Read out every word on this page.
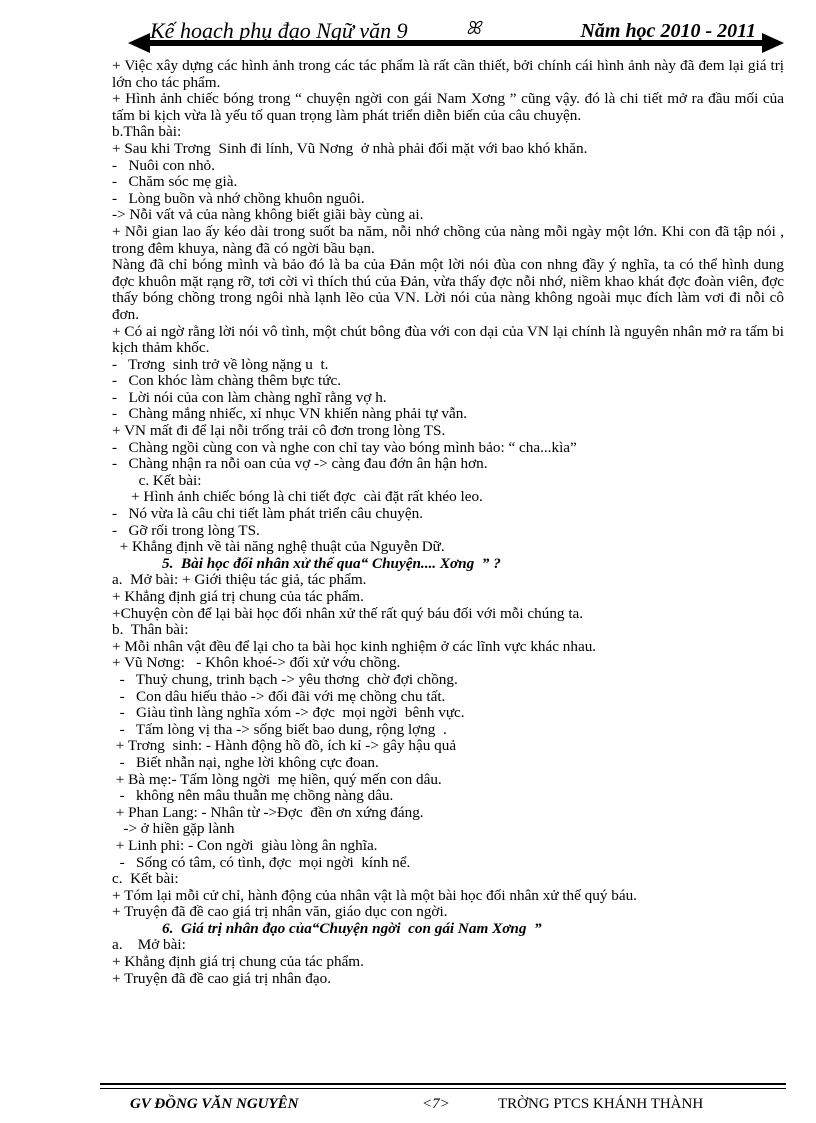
Kế hoạch phụ đạo Ngữ văn 9	ꕤ	Năm học 2010 - 2011
+ Việc xây dựng các hình ảnh trong các tác phẩm là rất cần thiết, bởi chính cái hình ảnh này đã đem lại giá trị lớn cho tác phẩm.
+ Hình ảnh chiếc bóng trong “ chuyện ngời con gái Nam Xơng ” cũng vậy. đó là chi tiết mở ra đầu mối của tấm bi kịch vừa là yếu tố quan trọng làm phát triển diễn biến của câu chuyện.
b.Thân bài:
+ Sau khi Trơng  Sinh đi lính, Vũ Nơng  ở nhà phải đối mặt với bao khó khăn.
-   Nuôi con nhỏ.
-   Chăm sóc mẹ già.
-   Lòng buồn và nhớ chồng khuôn nguôi.
-> Nỗi vất vả của nàng không biết giãi bày cùng ai.
+ Nỗi gian lao ấy kéo dài trong suốt ba năm, nỗi nhớ chồng của nàng mỗi ngày một lớn. Khi con đã tập nói , trong đêm khuya, nàng đã có ngời bầu bạn.
Nàng đã chỉ bóng mình và bảo đó là ba của Đản một lời nói đùa con nhng đầy ý nghĩa, ta có thể hình dung đợc khuôn mặt rạng rỡ, tơi cời vì thích thú của Đản, vừa thấy đợc nỗi nhớ, niềm khao khát đợc đoàn viên, đợc thấy bóng chồng trong ngôi nhà lạnh lẽo của VN. Lời nói của nàng không ngoài mục đích làm vơi đi nỗi cô đơn.
+ Có ai ngờ rằng lời nói vô tình, một chút bông đùa với con dại của VN lại chính là nguyên nhân mở ra tấm bi kịch thảm khốc.
-   Trơng  sinh trở về lòng nặng u  t.
-   Con khóc làm chàng thêm bực tức.
-   Lời nói của con làm chàng nghĩ rằng vợ h.
-   Chàng mắng nhiếc, xỉ nhục VN khiến nàng phải tự vẫn.
+ VN mất đi để lại nỗi trống trải cô đơn trong lòng TS.
-   Chàng ngồi cùng con và nghe con chỉ tay vào bóng mình bảo: “ cha...kìa”
-   Chàng nhận ra nỗi oan của vợ -> càng đau đớn ân hận hơn.
c. Kết bài:
+ Hình ảnh chiếc bóng là chi tiết đợc  cài đặt rất khéo leo.
-   Nó vừa là câu chi tiết làm phát triển câu chuyện.
-   Gỡ rối trong lòng TS.
+ Khẳng định về tài năng nghệ thuật của Nguyễn Dữ.
5.  Bài học đối nhân xử thế qua“ Chuyện.... Xơng  ” ?
a.  Mở bài: + Giới thiệu tác giả, tác phẩm.
+ Khẳng định giá trị chung của tác phẩm.
+Chuyện còn để lại bài học đối nhân xử thế rất quý báu đối với mỗi chúng ta.
b.  Thân bài:
+ Mỗi nhân vật đều để lại cho ta bài học kinh nghiệm ở các lĩnh vực khác nhau.
+ Vũ Nơng:   - Khôn khoé-> đối xử vớu chồng.
-   Thuỷ chung, trinh bạch -> yêu thơng  chờ đợi chồng.
-   Con dâu hiếu thảo -> đối đãi với mẹ chồng chu tất.
-   Giàu tình làng nghĩa xóm -> đợc  mọi ngời  bênh vực.
-   Tấm lòng vị tha -> sống biết bao dung, rộng lợng  .
+ Trơng  sinh: - Hành động hồ đồ, ích kỉ -> gây hậu quả
-   Biết nhẫn nại, nghe lời không cực đoan.
+ Bà mẹ:- Tấm lòng ngời  mẹ hiền, quý mến con dâu.
-   không nên mâu thuẫn mẹ chồng nàng dâu.
+ Phan Lang: - Nhân từ ->Đợc  đền ơn xứng đáng.
-> ở hiền gặp lành
+ Linh phi: - Con ngời  giàu lòng ân nghĩa.
-   Sống có tâm, có tình, đợc  mọi ngời  kính nể.
c.  Kết bài:
+ Tóm lại mỗi cử chỉ, hành động của nhân vật là một bài học đối nhân xử thế quý báu.
+ Truyện đã đề cao giá trị nhân văn, giáo dục con ngời.
6.  Giá trị nhân đạo của“Chuyện ngời  con gái Nam Xơng  ”
a.    Mở bài:
+ Khẳng định giá trị chung của tác phẩm.
+ Truyện đã đề cao giá trị nhân đạo.
GV ĐỒNG VĂN NGUYÊN	<7>	TRỜNG PTCS KHÁNH THÀNH
